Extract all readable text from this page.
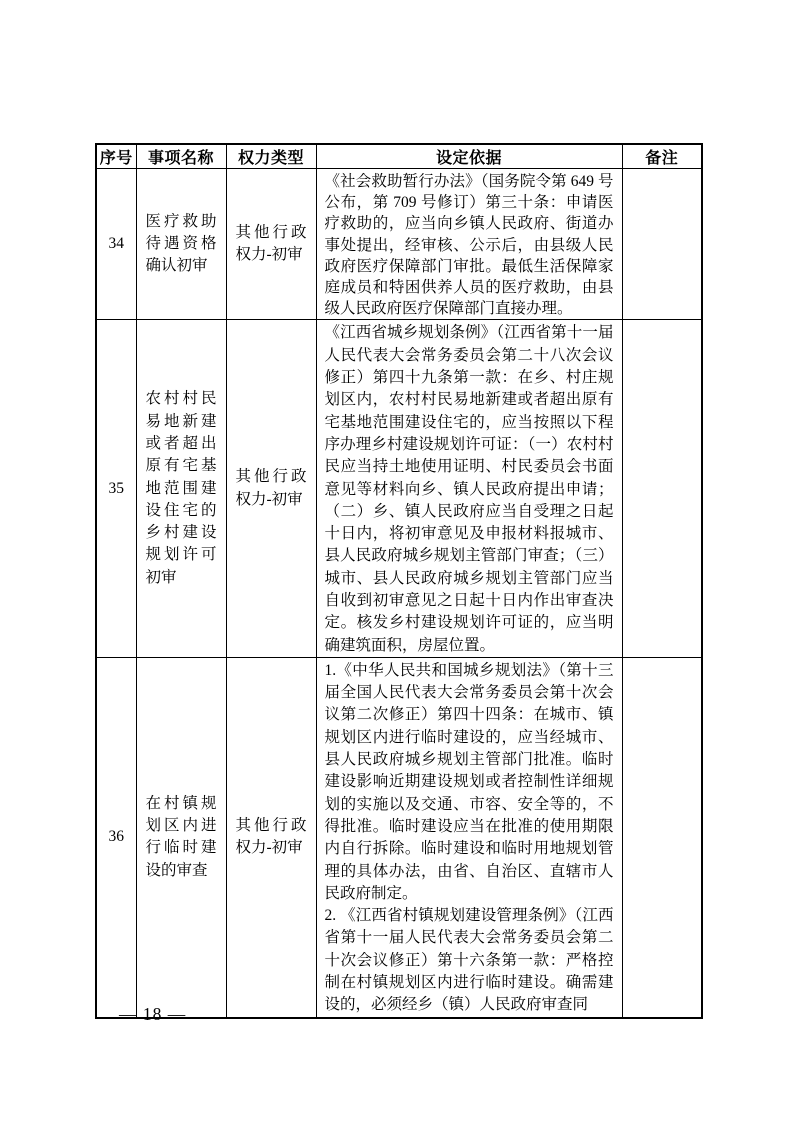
序号	事项名称	权力类型	设定依据	备注
34	医疗救助待遇资格确认初审	其他行政权力-初审	《社会救助暂行办法》（国务院令第 649 号公布，第 709 号修订）第三十条：申请医疗救助的，应当向乡镇人民政府、街道办事处提出，经审核、公示后，由县级人民政府医疗保障部门审批。最低生活保障家庭成员和特困供养人员的医疗救助，由县级人民政府医疗保障部门直接办理。	

35	农村村民易地新建或者超出原有宅基地范围建设住宅的乡村建设规划许可初审	其他行政权力-初审	《江西省城乡规划条例》（江西省第十一届人民代表大会常务委员会第二十八次会议修正）第四十九条第一款：在乡、村庄规划区内，农村村民易地新建或者超出原有宅基地范围建设住宅的，应当按照以下程序办理乡村建设规划许可证：（一）农村村民应当持土地使用证明、村民委员会书面意见等材料向乡、镇人民政府提出申请；（二）乡、镇人民政府应当自受理之日起十日内，将初审意见及申报材料报城市、县人民政府城乡规划主管部门审查；（三）城市、县人民政府城乡规划主管部门应当自收到初审意见之日起十日内作出审查决定。核发乡村建设规划许可证的，应当明确建筑面积，房屋位置。	

36	在村镇规划区内进行临时建设的审查	其他行政权力-初审	1.《中华人民共和国城乡规划法》（第十三届全国人民代表大会常务委员会第十次会议第二次修正）第四十四条：在城市、镇规划区内进行临时建设的，应当经城市、县人民政府城乡规划主管部门批准。临时建设影响近期建设规划或者控制性详细规划的实施以及交通、市容、安全等的，不得批准。临时建设应当在批准的使用期限内自行拆除。临时建设和临时用地规划管理的具体办法，由省、自治区、直辖市人民政府制定。

2. 《江西省村镇规划建设管理条例》（江西省第十一届人民代表大会常务委员会第二十次会议修正）第十六条第一款：严格控制在村镇规划区内进行临时建设。确需建设的，必须经乡（镇）人民政府审查同	

— 18 —
